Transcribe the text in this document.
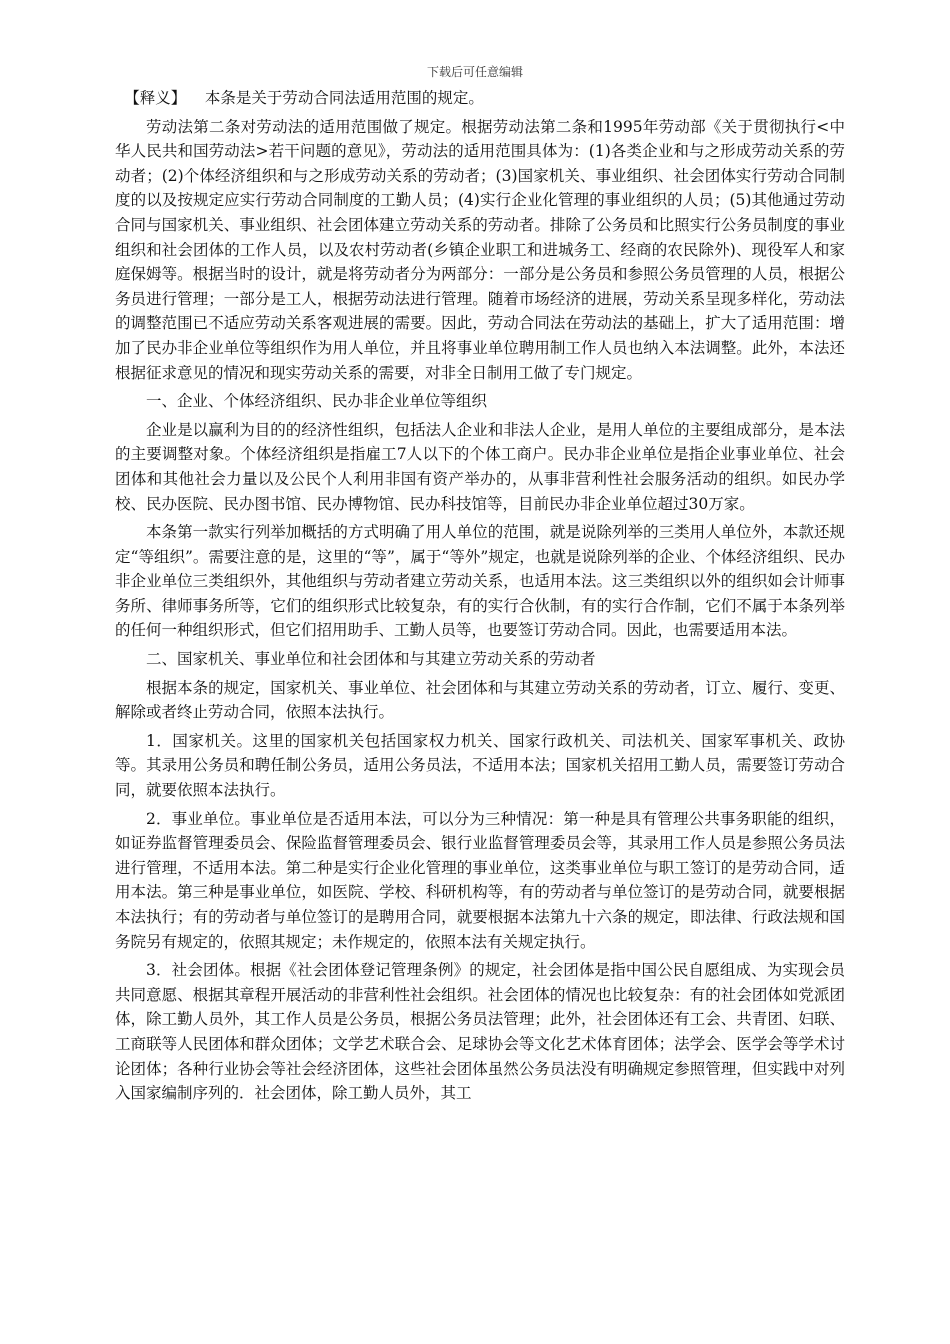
下载后可任意编辑

【释义】 本条是关于劳动合同法适用范围的规定。

劳动法第二条对劳动法的适用范围做了规定。根据劳动法第二条和1995年劳动部《关于贯彻执行<中华人民共和国劳动法>若干问题的意见》，劳动法的适用范围具体为：(1)各类企业和与之形成劳动关系的劳动者；(2)个体经济组织和与之形成劳动关系的劳动者；(3)国家机关、事业组织、社会团体实行劳动合同制度的以及按规定应实行劳动合同制度的工勤人员；(4)实行企业化管理的事业组织的人员；(5)其他通过劳动合同与国家机关、事业组织、社会团体建立劳动关系的劳动者。排除了公务员和比照实行公务员制度的事业组织和社会团体的工作人员，以及农村劳动者(乡镇企业职工和进城务工、经商的农民除外)、现役军人和家庭保姆等。根据当时的设计，就是将劳动者分为两部分：一部分是公务员和参照公务员管理的人员，根据公务员进行管理；一部分是工人，根据劳动法进行管理。随着市场经济的进展，劳动关系呈现多样化，劳动法的调整范围已不适应劳动关系客观进展的需要。因此，劳动合同法在劳动法的基础上，扩大了适用范围：增加了民办非企业单位等组织作为用人单位，并且将事业单位聘用制工作人员也纳入本法调整。此外，本法还根据征求意见的情况和现实劳动关系的需要，对非全日制用工做了专门规定。

一、企业、个体经济组织、民办非企业单位等组织

企业是以赢利为目的的经济性组织，包括法人企业和非法人企业，是用人单位的主要组成部分，是本法的主要调整对象。个体经济组织是指雇工7人以下的个体工商户。民办非企业单位是指企业事业单位、社会团体和其他社会力量以及公民个人利用非国有资产举办的，从事非营利性社会服务活动的组织。如民办学校、民办医院、民办图书馆、民办博物馆、民办科技馆等，目前民办非企业单位超过30万家。

本条第一款实行列举加概括的方式明确了用人单位的范围，就是说除列举的三类用人单位外，本款还规定“等组织”。需要注意的是，这里的“等”，属于“等外”规定，也就是说除列举的企业、个体经济组织、民办非企业单位三类组织外，其他组织与劳动者建立劳动关系，也适用本法。这三类组织以外的组织如会计师事务所、律师事务所等，它们的组织形式比较复杂，有的实行合伙制，有的实行合作制，它们不属于本条列举的任何一种组织形式，但它们招用助手、工勤人员等，也要签订劳动合同。因此，也需要适用本法。

二、国家机关、事业单位和社会团体和与其建立劳动关系的劳动者

根据本条的规定，国家机关、事业单位、社会团体和与其建立劳动关系的劳动者，订立、履行、变更、解除或者终止劳动合同，依照本法执行。

1．国家机关。这里的国家机关包括国家权力机关、国家行政机关、司法机关、国家军事机关、政协等。其录用公务员和聘任制公务员，适用公务员法，不适用本法；国家机关招用工勤人员，需要签订劳动合同，就要依照本法执行。

2．事业单位。事业单位是否适用本法，可以分为三种情况：第一种是具有管理公共事务职能的组织，如证券监督管理委员会、保险监督管理委员会、银行业监督管理委员会等，其录用工作人员是参照公务员法进行管理，不适用本法。第二种是实行企业化管理的事业单位，这类事业单位与职工签订的是劳动合同，适用本法。第三种是事业单位，如医院、学校、科研机构等，有的劳动者与单位签订的是劳动合同，就要根据本法执行；有的劳动者与单位签订的是聘用合同，就要根据本法第九十六条的规定，即法律、行政法规和国务院另有规定的，依照其规定；未作规定的，依照本法有关规定执行。

3．社会团体。根据《社会团体登记管理条例》的规定，社会团体是指中国公民自愿组成、为实现会员共同意愿、根据其章程开展活动的非营利性社会组织。社会团体的情况也比较复杂：有的社会团体如党派团体，除工勤人员外，其工作人员是公务员，根据公务员法管理；此外，社会团体还有工会、共青团、妇联、工商联等人民团体和群众团体；文学艺术联合会、足球协会等文化艺术体育团体；法学会、医学会等学术讨论团体；各种行业协会等社会经济团体，这些社会团体虽然公务员法没有明确规定参照管理，但实践中对列入国家编制序列的．社会团体，除工勤人员外，其工
